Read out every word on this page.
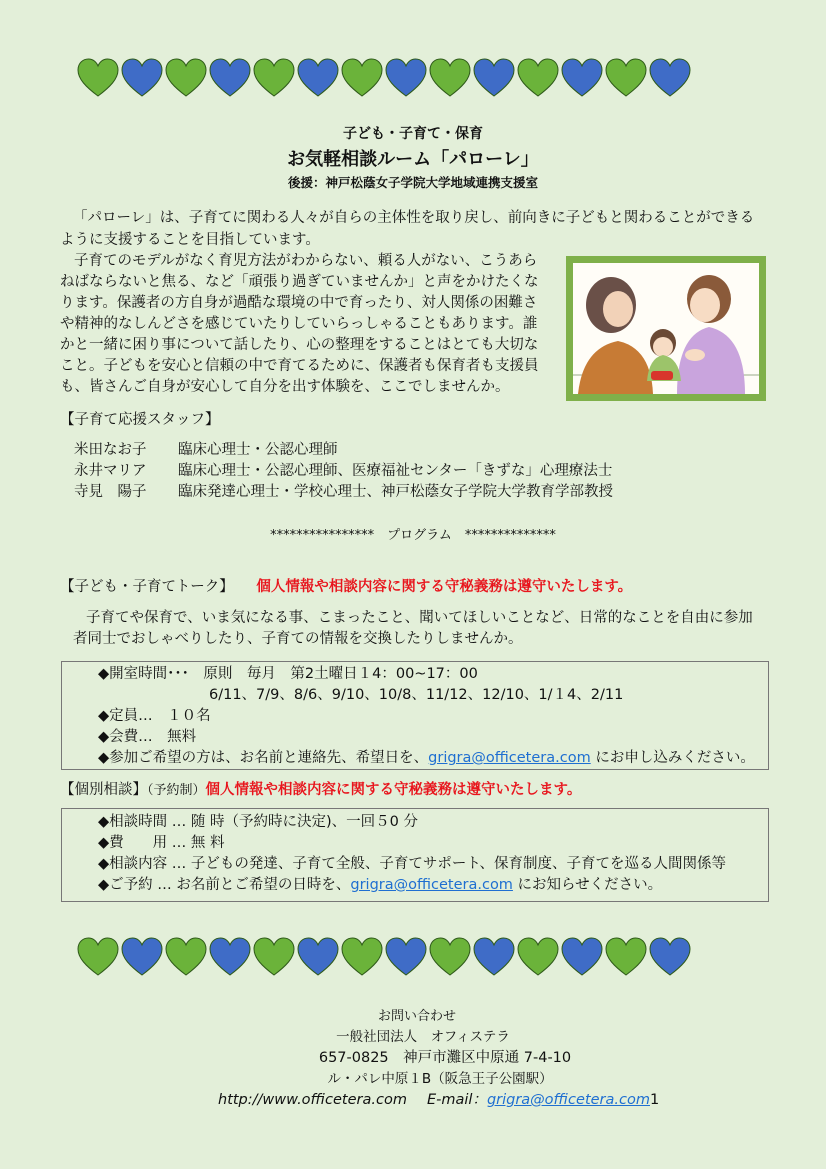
子ども・子育て・保育
お気軽相談ルーム「パローレ」
後援：神戸松蔭女子学院大学地域連携支援室
「パローレ」は、子育てに関わる人々が自らの主体性を取り戻し、前向きに子どもと関わることができる
ように支援することを目指しています。
子育てのモデルがなく育児方法がわからない、頼る人がない、こうあら
ねばならないと焦る、など「頑張り過ぎていませんか」と声をかけたくな
ります。保護者の方自身が過酷な環境の中で育ったり、対人関係の困難さ
や精神的なしんどさを感じていたりしていらっしゃることもあります。誰
かと一緒に困り事について話したり、心の整理をすることはとても大切な
こと。子どもを安心と信頼の中で育てるために、保護者も保育者も支援員
も、皆さんご自身が安心して自分を出す体験を、ここでしませんか。
【子育て応援スタッフ】
米田なお子 臨床心理士・公認心理師
永井マリア 臨床心理士・公認心理師、医療福祉センター「きずな」心理療法士
寺見　陽子 臨床発達心理士・学校心理士、神戸松蔭女子学院大学教育学部教授
****************　プログラム　**************
【子ども・子育てトーク】 個人情報や相談内容に関する守秘義務は遵守いたします。
子育てや保育で、いま気になる事、こまったこと、聞いてほしいことなど、日常的なことを自由に参加
者同士でおしゃべりしたり、子育ての情報を交換したりしませんか。
◆開室時間･･･　原則　毎月　第2土曜日１4：00~17：00
6/11、7/9、8/6、9/10、10/8、11/12、12/10、1/１4、2/11
◆定員…　１０名
◆会費…　無料
◆参加ご希望の方は、お名前と連絡先、希望日を、grigra@officetera.com にお申し込みください。
【個別相談】（予約制）個人情報や相談内容に関する守秘義務は遵守いたします。
◆相談時間 … 随 時（予約時に決定)、一回５0 分
◆費　　用 … 無 料
◆相談内容 … 子どもの発達、子育て全般、子育てサポート、保育制度、子育てを巡る人間関係等
◆ご予約 … お名前とご希望の日時を、grigra@officetera.com にお知らせください。
お問い合わせ
一般社団法人　オフィステラ
657-0825　神戸市灘区中原通 7-4-10
ル・パレ中原１B（阪急王子公園駅）
http://www.officetera.com E-mail：grigra@officetera.com1
